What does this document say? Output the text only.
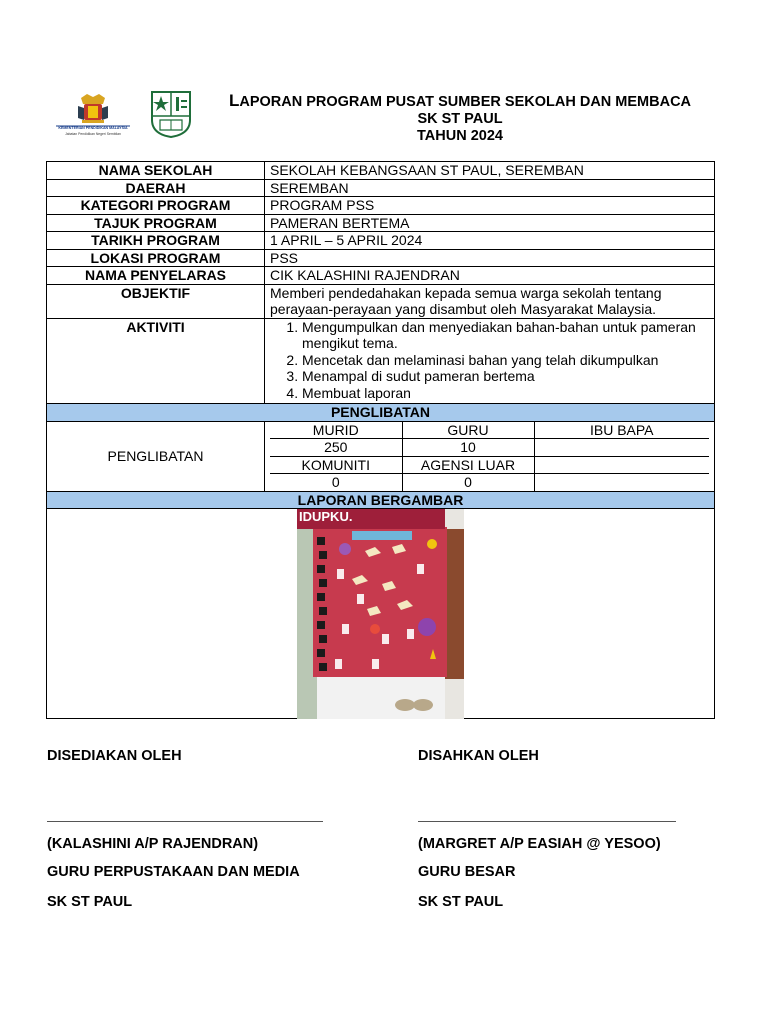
KEMENTERIAN PENDIDIKAN MALAYSIA
Jabatan Pendidikan Negeri Sembilan
LAPORAN PROGRAM PUSAT SUMBER SEKOLAH DAN MEMBACA
SK ST PAUL
TAHUN 2024
NAMA SEKOLAH	SEKOLAH KEBANGSAAN ST PAUL, SEREMBAN
DAERAH	SEREMBAN
KATEGORI PROGRAM	PROGRAM PSS
TAJUK PROGRAM	PAMERAN BERTEMA
TARIKH PROGRAM	1 APRIL – 5 APRIL 2024
LOKASI PROGRAM	PSS
NAMA PENYELARAS	CIK KALASHINI RAJENDRAN
OBJEKTIF	Memberi pendedahakan kepada semua warga sekolah tentang perayaan-perayaan yang disambut oleh Masyarakat Malaysia.
AKTIVITI	
1.Mengumpulkan dan menyediakan bahan-bahan untuk pameran mengikut tema.
2. Mencetak dan melaminasi bahan yang telah dikumpulkan
3. Menampal di sudut pameran bertema
4. Membuat laporan

PENGLIBATAN
PENGLIBATAN	
MURID	GURU	IBU BAPA
250	10	
KOMUNITI	AGENSI LUAR	
0	0	

LAPORAN BERGAMBAR

IDUPKU.
DISEDIAKAN OLEH	DISAHKAN OLEH
(KALASHINI A/P RAJENDRAN)	(MARGRET A/P EASIAH @ YESOO)
GURU PERPUSTAKAAN DAN MEDIA	GURU BESAR
SK ST PAUL	SK ST PAUL
